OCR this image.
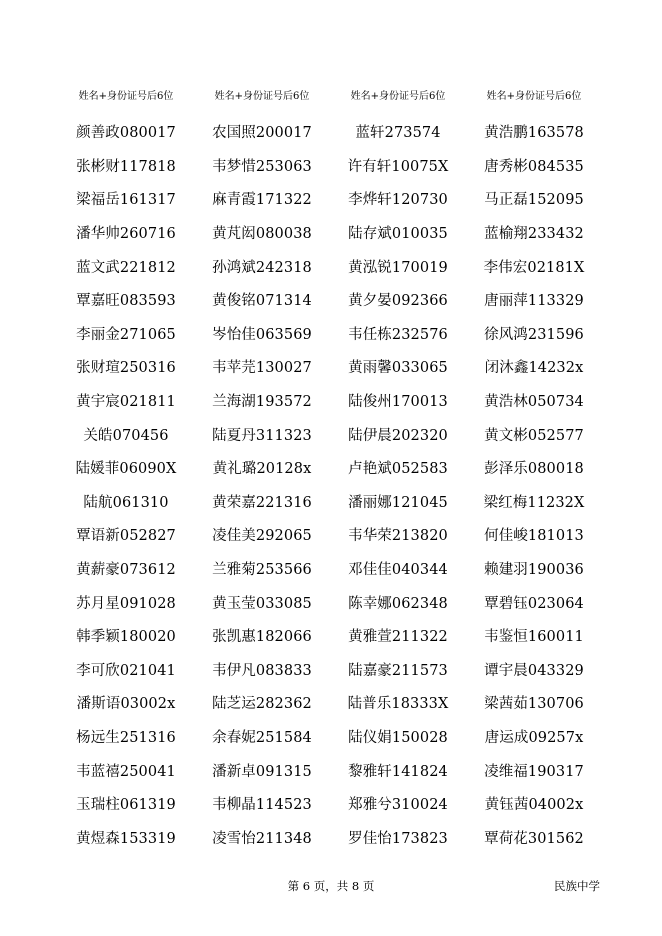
姓名+身份证号后6位	姓名+身份证号后6位	姓名+身份证号后6位	姓名+身份证号后6位
颜善政080017	农国照200017	蓝轩273574	黄浩鹏163578
张彬财117818	韦梦惜253063	许有轩10075X	唐秀彬084535
梁福岳161317	麻青霞171322	李烨轩120730	马正磊152095
潘华帅260716	黄芃闳080038	陆存斌010035	蓝榆翔233432
蓝文武221812	孙鸿斌242318	黄泓锐170019	李伟宏02181X
覃嘉旺083593	黄俊铭071314	黄夕晏092366	唐丽萍113329
李丽金271065	岑怡佳063569	韦任栋232576	徐风鸿231596
张财瑄250316	韦苹芫130027	黄雨馨033065	闭沐鑫14232x
黄宇宸021811	兰海湖193572	陆俊州170013	黄浩林050734
关皓070456	陆夏丹311323	陆伊晨202320	黄文彬052577
陆媛菲06090X	黄礼璐20128x	卢艳斌052583	彭泽乐080018
陆航061310	黄荣嘉221316	潘丽娜121045	梁红梅11232X
覃语新052827	凌佳美292065	韦华荣213820	何佳峻181013
黄薪豪073612	兰雅菊253566	邓佳佳040344	赖建羽190036
苏月星091028	黄玉莹033085	陈幸娜062348	覃碧钰023064
韩季颖180020	张凯惠182066	黄雅萱211322	韦鉴恒160011
李可欣021041	韦伊凡083833	陆嘉豪211573	谭宇晨043329
潘斯语03002x	陆芝运282362	陆普乐18333X	梁茜茹130706
杨远生251316	余春妮251584	陆仪娟150028	唐运成09257x
韦蓝禧250041	潘新卓091315	黎雅轩141824	凌维福190317
玉瑞柱061319	韦柳晶114523	郑雅兮310024	黄钰茜04002x
黄煜森153319	凌雪怡211348	罗佳怡173823	覃荷花301562
第 6 页，共 8 页	民族中学
